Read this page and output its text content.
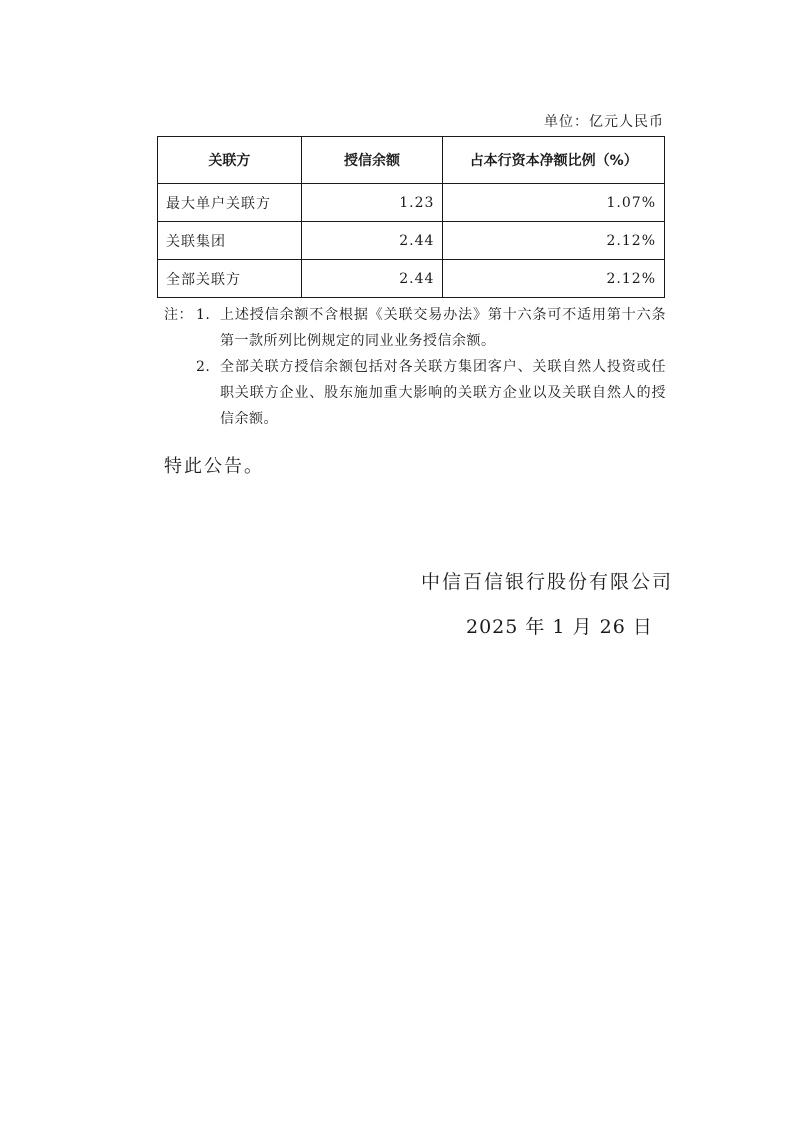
单位：亿元人民币
关联方	授信余额	占本行资本净额比例（%）
最大单户关联方	1.23	1.07%
关联集团	2.44	2.12%
全部关联方	2.44	2.12%
注： 1. 上述授信余额不含根据《关联交易办法》第十六条可不适用第十六条第一款所列比例规定的同业业务授信余额。
2. 全部关联方授信余额包括对各关联方集团客户、关联自然人投资或任职关联方企业、股东施加重大影响的关联方企业以及关联自然人的授信余额。
特此公告。
中信百信银行股份有限公司
2025 年 1 月 26 日
